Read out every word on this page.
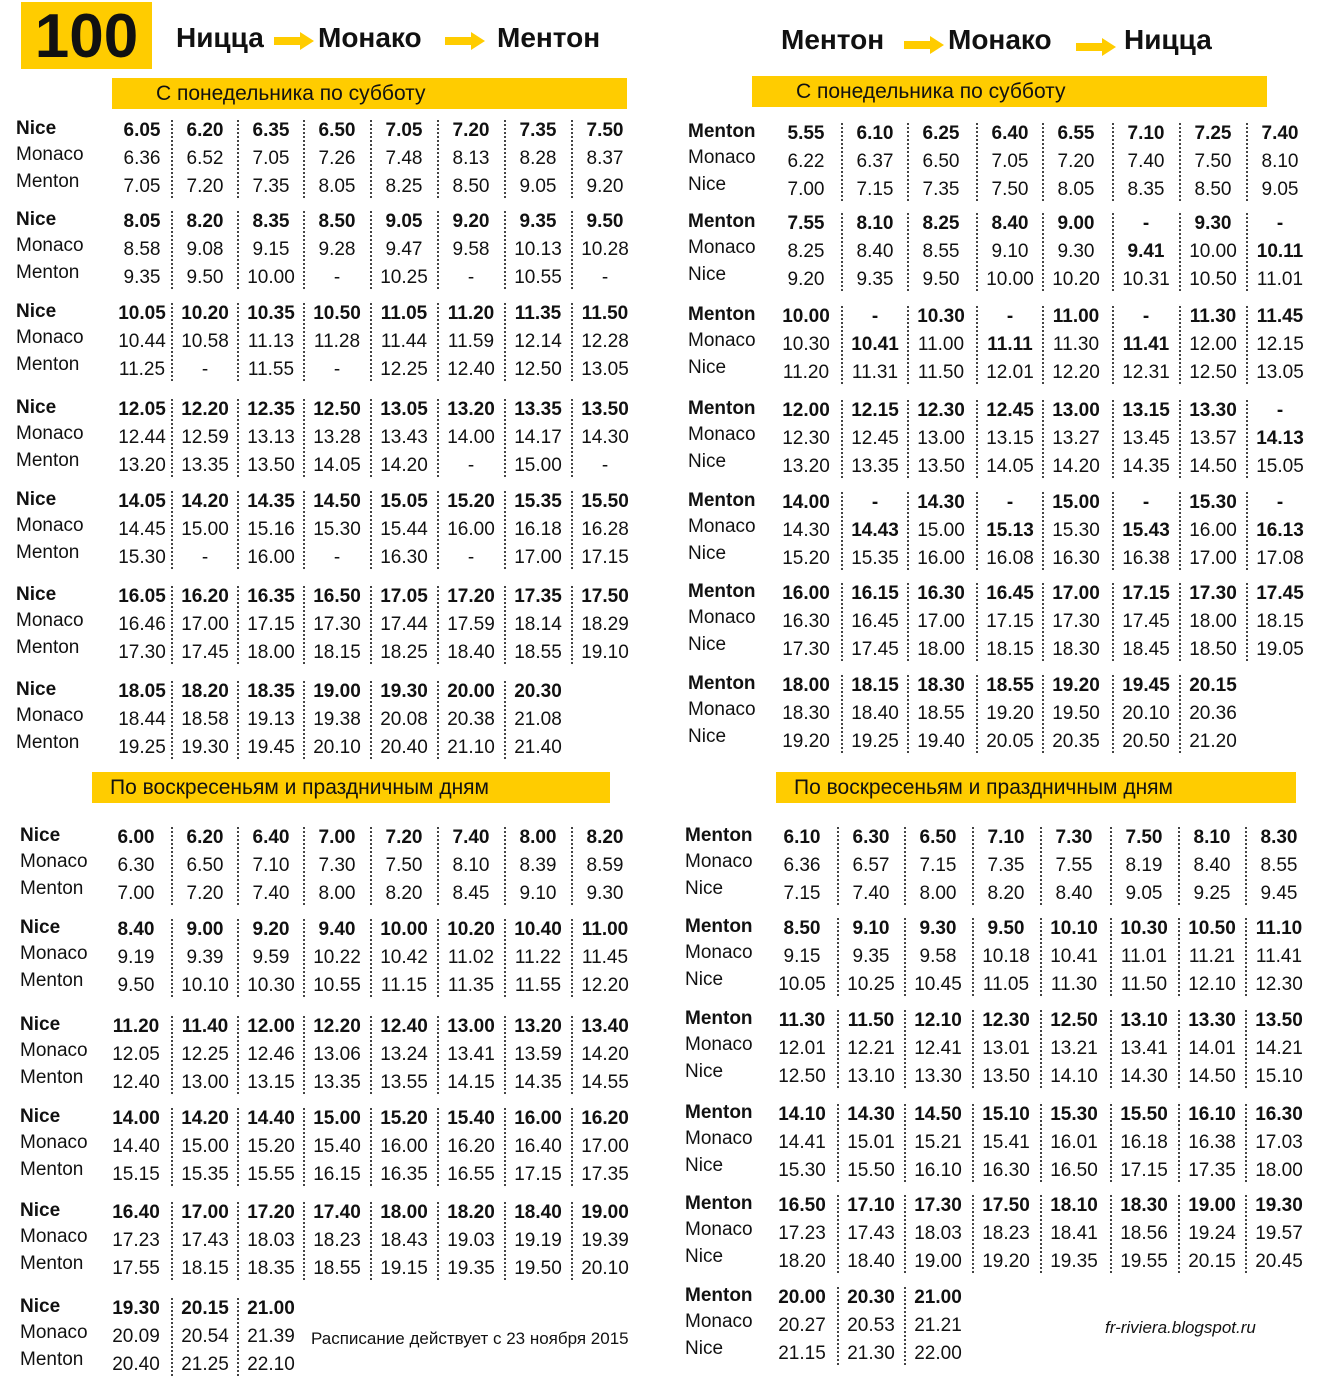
100	Ницца Монако	Ментон	Ментон Монако	Ницца
С понедельника по субботу	С понедельника по субботу
По воскресеньям и праздничным дням	По воскресеньям и праздничным дням
Nice
Monaco
Menton
6.05	6.20	6.35	6.50	7.05	7.20	7.35	7.50
6.36	6.52	7.05	7.26	7.48	8.13	8.28	8.37
7.05	7.20	7.35	8.05	8.25	8.50	9.05	9.20
Nice
Monaco
Menton
8.05	8.20	8.35	8.50	9.05	9.20	9.35	9.50
8.58	9.08	9.15	9.28	9.47	9.58	10.13	10.28
9.35	9.50	10.00	-	10.25	-	10.55	-
Nice
Monaco
Menton
10.05 10.20 10.35 10.50	11.05	11.20	11.35	11.50
10.44 10.58	11.13	11.28	11.44	11.59	12.14	12.28
11.25	-	11.55	-	12.25	12.40	12.50	13.05
Nice
Monaco
Menton
12.05 12.20 12.35 12.50	13.05	13.20	13.35	13.50
12.44 12.59 13.13 13.28	13.43	14.00	14.17	14.30
13.20 13.35 13.50 14.05	14.20	-	15.00	-
Nice
Monaco
Menton
14.05 14.20 14.35 14.50	15.05	15.20	15.35	15.50
14.45 15.00 15.16 15.30	15.44	16.00	16.18	16.28
15.30	-	16.00	-	16.30	-	17.00	17.15
Nice
Monaco
Menton
16.05 16.20 16.35 16.50	17.05	17.20	17.35	17.50
16.46 17.00 17.15 17.30	17.44	17.59	18.14	18.29
17.30 17.45 18.00 18.15	18.25	18.40	18.55	19.10
Nice
Monaco
Menton
18.05 18.20 18.35 19.00	19.30	20.00	20.30
18.44 18.58 19.13 19.38	20.08	20.38	21.08
19.25 19.30 19.45 20.10	20.40	21.10	21.40
Menton
Monaco
Nice
5.55	6.10	6.25	6.40	6.55	7.10	7.25	7.40
6.22	6.37	6.50	7.05	7.20	7.40	7.50	8.10
7.00	7.15	7.35	7.50	8.05	8.35	8.50	9.05
Menton
Monaco
Nice
7.55	8.10	8.25	8.40	9.00	-	9.30	-
8.25	8.40	8.55	9.10	9.30	9.41	10.00	10.11
9.20	9.35	9.50	10.00 10.20	10.31	10.50	11.01
Menton
Monaco
Nice
10.00	-	10.30	-	11.00	-	11.30	11.45
10.30	10.41	11.00	11.11	11.30	11.41	12.00	12.15
11.20	11.31	11.50	12.01 12.20	12.31	12.50	13.05
Menton
Monaco
Nice
12.00	12.15 12.30	12.45 13.00	13.15	13.30	-
12.30	12.45 13.00	13.15 13.27	13.45	13.57	14.13
13.20	13.35 13.50	14.05 14.20	14.35	14.50	15.05
Menton
Monaco
Nice
14.00	-	14.30	-	15.00	-	15.30	-
14.30	14.43 15.00	15.13 15.30	15.43	16.00	16.13
15.20	15.35 16.00	16.08 16.30	16.38	17.00	17.08
Menton
Monaco
Nice
16.00	16.15 16.30	16.45 17.00	17.15	17.30	17.45
16.30	16.45 17.00	17.15 17.30	17.45	18.00	18.15
17.30	17.45 18.00	18.15 18.30	18.45	18.50	19.05
Menton
Monaco
Nice
18.00	18.15 18.30	18.55 19.20	19.45	20.15
18.30	18.40 18.55	19.20 19.50	20.10	20.36
19.20	19.25 19.40	20.05 20.35	20.50	21.20
Nice
Monaco
Menton
6.00	6.20	6.40	7.00	7.20	7.40	8.00	8.20
6.30	6.50	7.10	7.30	7.50	8.10	8.39	8.59
7.00	7.20	7.40	8.00	8.20	8.45	9.10	9.30
Nice
Monaco
Menton
8.40	9.00	9.20	9.40	10.00	10.20	10.40	11.00
9.19	9.39	9.59	10.22	10.42	11.02	11.22	11.45
9.50	10.10 10.30 10.55	11.15	11.35	11.55	12.20
Nice
Monaco
Menton
11.20	11.40 12.00 12.20	12.40	13.00	13.20	13.40
12.05	12.25 12.46 13.06	13.24	13.41	13.59	14.20
12.40	13.00 13.15 13.35	13.55	14.15	14.35	14.55
Nice
Monaco
Menton
14.00	14.20 14.40 15.00	15.20	15.40	16.00	16.20
14.40	15.00 15.20 15.40	16.00	16.20	16.40	17.00
15.15	15.35 15.55 16.15	16.35	16.55	17.15	17.35
Nice
Monaco
Menton
16.40	17.00 17.20 17.40	18.00	18.20	18.40	19.00
17.23	17.43 18.03 18.23	18.43	19.03	19.19	19.39
17.55	18.15 18.35 18.55	19.15	19.35	19.50	20.10
Nice
Monaco
Menton
19.30	20.15 21.00
20.09	20.54 21.39
20.40	21.25 22.10
Menton
Monaco
Nice
6.10	6.30	6.50	7.10	7.30	7.50	8.10	8.30
6.36	6.57	7.15	7.35	7.55	8.19	8.40	8.55
7.15	7.40	8.00	8.20	8.40	9.05	9.25	9.45
Menton
Monaco
Nice
8.50	9.10	9.30	9.50	10.10	10.30	10.50	11.10
9.15	9.35	9.58	10.18	10.41	11.01	11.21	11.41
10.05	10.25	10.45	11.05	11.30	11.50	12.10	12.30
Menton
Monaco
Nice
11.30	11.50	12.10	12.30	12.50	13.10	13.30	13.50
12.01	12.21	12.41	13.01	13.21	13.41	14.01	14.21
12.50	13.10	13.30	13.50	14.10	14.30	14.50	15.10
Menton
Monaco
Nice
14.10	14.30	14.50	15.10	15.30	15.50	16.10	16.30
14.41	15.01	15.21	15.41	16.01	16.18	16.38	17.03
15.30	15.50	16.10	16.30	16.50	17.15	17.35	18.00
Menton
Monaco
Nice
16.50	17.10	17.30	17.50	18.10	18.30	19.00	19.30
17.23	17.43	18.03	18.23	18.41	18.56	19.24	19.57
18.20	18.40	19.00	19.20	19.35	19.55	20.15	20.45
Menton
Monaco
Nice
20.00	20.30	21.00
20.27	20.53	21.21
21.15	21.30	22.00
Расписание действует с 23 ноября 2015
fr-riviera.blogspot.ru
